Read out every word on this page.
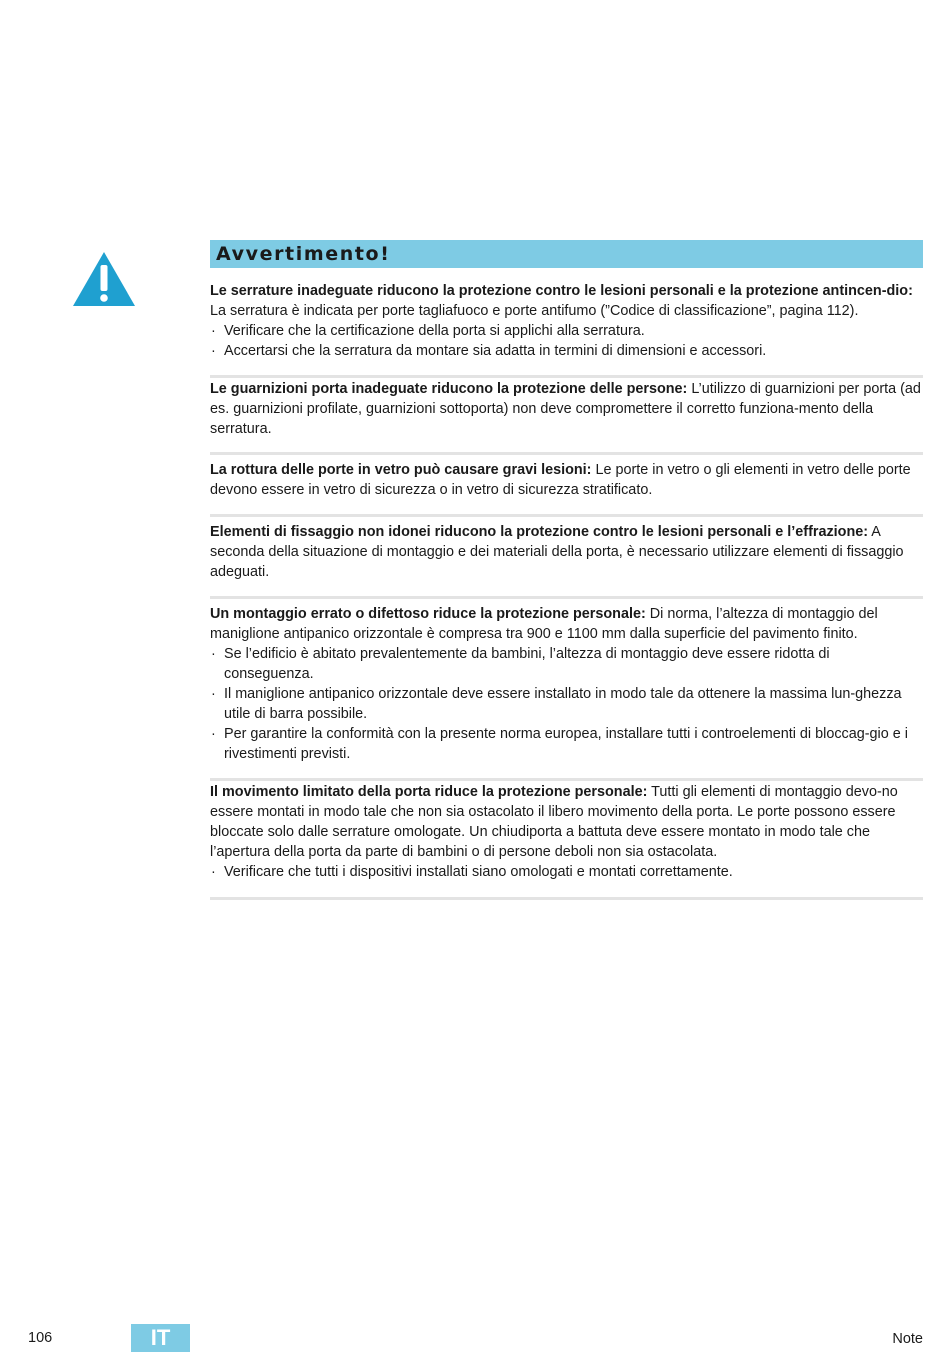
Avvertimento!

Le serrature inadeguate riducono la protezione contro le lesioni personali e la protezione antincen-dio: La serratura è indicata per porte tagliafuoco e porte antifumo (”Codice di classificazione”, pagina 112).

· Verificare che la certificazione della porta si applichi alla serratura.
· Accertarsi che la serratura da montare sia adatta in termini di dimensioni e accessori.

Le guarnizioni porta inadeguate riducono la protezione delle persone: L’utilizzo di guarnizioni per porta (ad es. guarnizioni profilate, guarnizioni sottoporta) non deve compromettere il corretto funziona-mento della serratura.

La rottura delle porte in vetro può causare gravi lesioni: Le porte in vetro o gli elementi in vetro delle porte devono essere in vetro di sicurezza o in vetro di sicurezza stratificato.

Elementi di fissaggio non idonei riducono la protezione contro le lesioni personali e l’effrazione: A seconda della situazione di montaggio e dei materiali della porta, è necessario utilizzare elementi di fissaggio adeguati.

Un montaggio errato o difettoso riduce la protezione personale: Di norma, l’altezza di montaggio del maniglione antipanico orizzontale è compresa tra 900 e 1100 mm dalla superficie del pavimento finito.

· Se l’edificio è abitato prevalentemente da bambini, l’altezza di montaggio deve essere ridotta di conseguenza.
· Il maniglione antipanico orizzontale deve essere installato in modo tale da ottenere la massima lun-ghezza utile di barra possibile.
· Per garantire la conformità con la presente norma europea, installare tutti i controelementi di bloccag-gio e i rivestimenti previsti.

Il movimento limitato della porta riduce la protezione personale: Tutti gli elementi di montaggio devo-no essere montati in modo tale che non sia ostacolato il libero movimento della porta. Le porte possono essere bloccate solo dalle serrature omologate. Un chiudiporta a battuta deve essere montato in modo tale che l’apertura della porta da parte di bambini o di persone deboli non sia ostacolata.

· Verificare che tutti i dispositivi installati siano omologati e montati correttamente.
106	IT	Note
